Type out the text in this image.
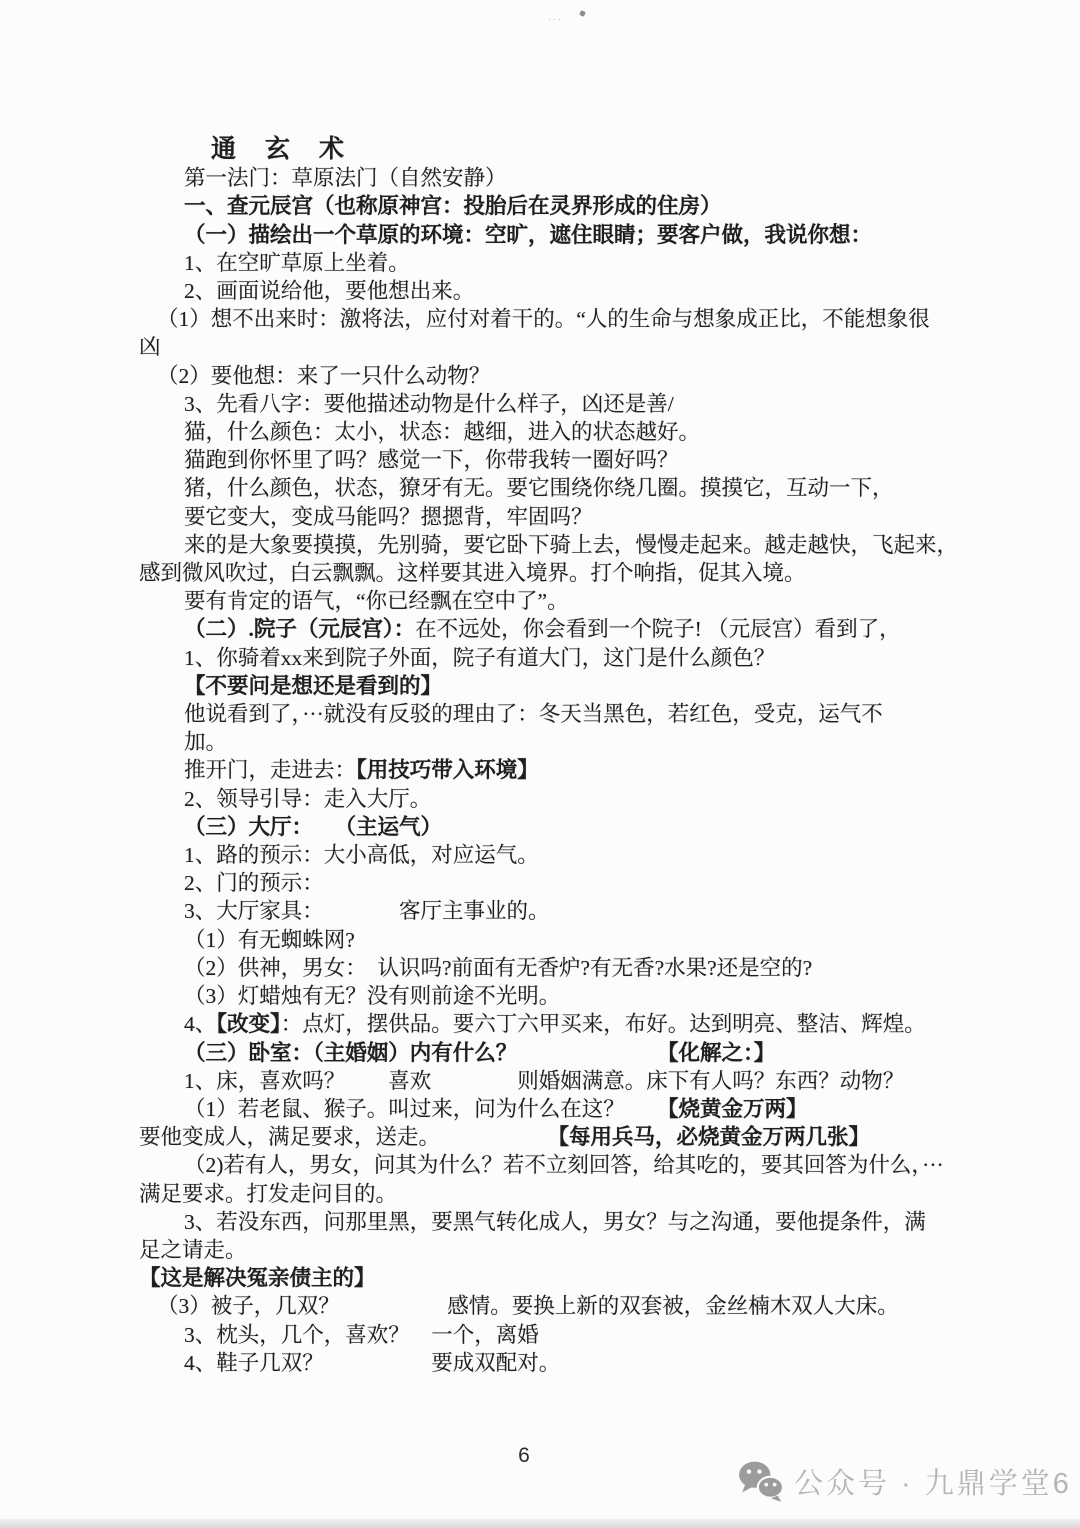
···
通　玄　术
第一法门：草原法门（自然安静）
一、查元辰宫（也称原神宫：投胎后在灵界形成的住房）
（一）描绘出一个草原的环境：空旷，遮住眼睛；要客户做，我说你想：
1、在空旷草原上坐着。
2、画面说给他，要他想出来。
（1）想不出来时：激将法，应付对着干的。“人的生命与想象成正比，不能想象很
凶
（2）要他想：来了一只什么动物？
3、先看八字：要他描述动物是什么样子，凶还是善/
猫，什么颜色：太小，状态：越细，进入的状态越好。
猫跑到你怀里了吗？感觉一下，你带我转一圈好吗？
猪，什么颜色，状态，獠牙有无。要它围绕你绕几圈。摸摸它，互动一下，
要它变大，变成马能吗？摁摁背，牢固吗？
来的是大象要摸摸，先别骑，要它卧下骑上去，慢慢走起来。越走越快，飞起来，
感到微风吹过，白云飘飘。这样要其进入境界。打个响指，促其入境。
要有肯定的语气，“你已经飘在空中了”。
（二）.院子（元辰宫）：在不远处，你会看到一个院子! （元辰宫）看到了，
1、你骑着xx来到院子外面，院子有道大门，这门是什么颜色？
【不要问是想还是看到的】
他说看到了，···就没有反驳的理由了：冬天当黑色，若红色，受克，运气不
加。
推开门，走进去：【用技巧带入环境】
2、领导引导：走入大厅。
（三）大厅：　　 （主运气）
1、路的预示：大小高低，对应运气。
2、门的预示：
3、大厅家具：　　　　客厅主事业的。
（1）有无蜘蛛网?
（2）供神，男女：　认识吗?前面有无香炉?有无香?水果?还是空的?
（3）灯蜡烛有无？没有则前途不光明。
4、【改变】：点灯，摆供品。要六丁六甲买来，布好。达到明亮、整洁、辉煌。
（三）卧室：（主婚姻）内有什么？　　　　　　　	【化解之：】
1、床，喜欢吗？　　喜欢　　　　则婚姻满意。床下有人吗？东西？动物？
（1）若老鼠、猴子。叫过来，问为什么在这？　　【烧黄金万两】
要他变成人，满足要求，送走。　　　　　　【每用兵马，必烧黄金万两几张】
（2)若有人，男女，问其为什么？若不立刻回答，给其吃的，要其回答为什么，···
满足要求。打发走问目的。
3、若没东西，问那里黑，要黑气转化成人，男女？与之沟通，要他提条件，满
足之请走。
【这是解决冤亲债主的】
（3）被子，几双？　　　　　感情。要换上新的双套被，金丝楠木双人大床。
3、枕头，几个，喜欢？　一个，离婚
4、鞋子几双？　　　　　要成双配对。
6
公众号 · 九鼎学堂6
